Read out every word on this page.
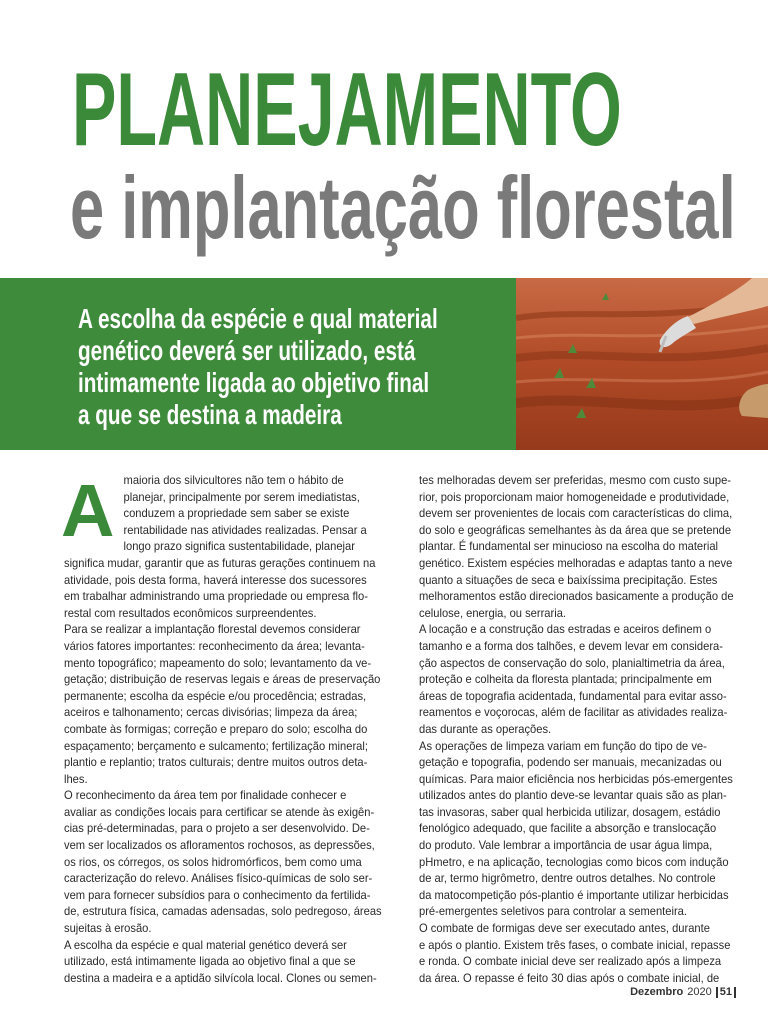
PLANEJAMENTO
e implantação florestal
A escolha da espécie e qual material
genético deverá ser utilizado, está
intimamente ligada ao objetivo final
a que se destina a madeira
A maioria dos silvicultores não tem o hábito de
planejar, principalmente por serem imediatistas,
conduzem a propriedade sem saber se existe
rentabilidade nas atividades realizadas. Pensar a
longo prazo significa sustentabilidade, planejar
significa mudar, garantir que as futuras gerações continuem na
atividade, pois desta forma, haverá interesse dos sucessores
em trabalhar administrando uma propriedade ou empresa flo-
restal com resultados econômicos surpreendentes.
Para se realizar a implantação florestal devemos considerar
vários fatores importantes: reconhecimento da área; levanta-
mento topográfico; mapeamento do solo; levantamento da ve-
getação; distribuição de reservas legais e áreas de preservação
permanente; escolha da espécie e/ou procedência; estradas,
aceiros e talhonamento; cercas divisórias; limpeza da área;
combate às formigas; correção e preparo do solo; escolha do
espaçamento; berçamento e sulcamento; fertilização mineral;
plantio e replantio; tratos culturais; dentre muitos outros deta-
lhes.
O reconhecimento da área tem por finalidade conhecer e
avaliar as condições locais para certificar se atende às exigên-
cias pré-determinadas, para o projeto a ser desenvolvido. De-
vem ser localizados os afloramentos rochosos, as depressões,
os rios, os córregos, os solos hidromórficos, bem como uma
caracterização do relevo. Análises físico-químicas de solo ser-
vem para fornecer subsídios para o conhecimento da fertilida-
de, estrutura física, camadas adensadas, solo pedregoso, áreas
sujeitas à erosão.
A escolha da espécie e qual material genético deverá ser
utilizado, está intimamente ligada ao objetivo final a que se
destina a madeira e a aptidão silvícola local. Clones ou semen-
tes melhoradas devem ser preferidas, mesmo com custo supe-
rior, pois proporcionam maior homogeneidade e produtividade,
devem ser provenientes de locais com características do clima,
do solo e geográficas semelhantes às da área que se pretende
plantar. É fundamental ser minucioso na escolha do material
genético. Existem espécies melhoradas e adaptas tanto a neve
quanto a situações de seca e baixíssima precipitação. Estes
melhoramentos estão direcionados basicamente a produção de
celulose, energia, ou serraria.
A locação e a construção das estradas e aceiros definem o
tamanho e a forma dos talhões, e devem levar em considera-
ção aspectos de conservação do solo, planialtimetria da área,
proteção e colheita da floresta plantada; principalmente em
áreas de topografia acidentada, fundamental para evitar asso-
reamentos e voçorocas, além de facilitar as atividades realiza-
das durante as operações.
As operações de limpeza variam em função do tipo de ve-
getação e topografia, podendo ser manuais, mecanizadas ou
químicas. Para maior eficiência nos herbicidas pós-emergentes
utilizados antes do plantio deve-se levantar quais são as plan-
tas invasoras, saber qual herbicida utilizar, dosagem, estádio
fenológico adequado, que facilite a absorção e translocação
do produto. Vale lembrar a importância de usar água limpa,
pHmetro, e na aplicação, tecnologias como bicos com indução
de ar, termo higrômetro, dentre outros detalhes. No controle
da matocompetição pós-plantio é importante utilizar herbicidas
pré-emergentes seletivos para controlar a sementeira.
O combate de formigas deve ser executado antes, durante
e após o plantio. Existem três fases, o combate inicial, repasse
e ronda. O combate inicial deve ser realizado após a limpeza
da área. O repasse é feito 30 dias após o combate inicial, de
Dezembro 2020 51
